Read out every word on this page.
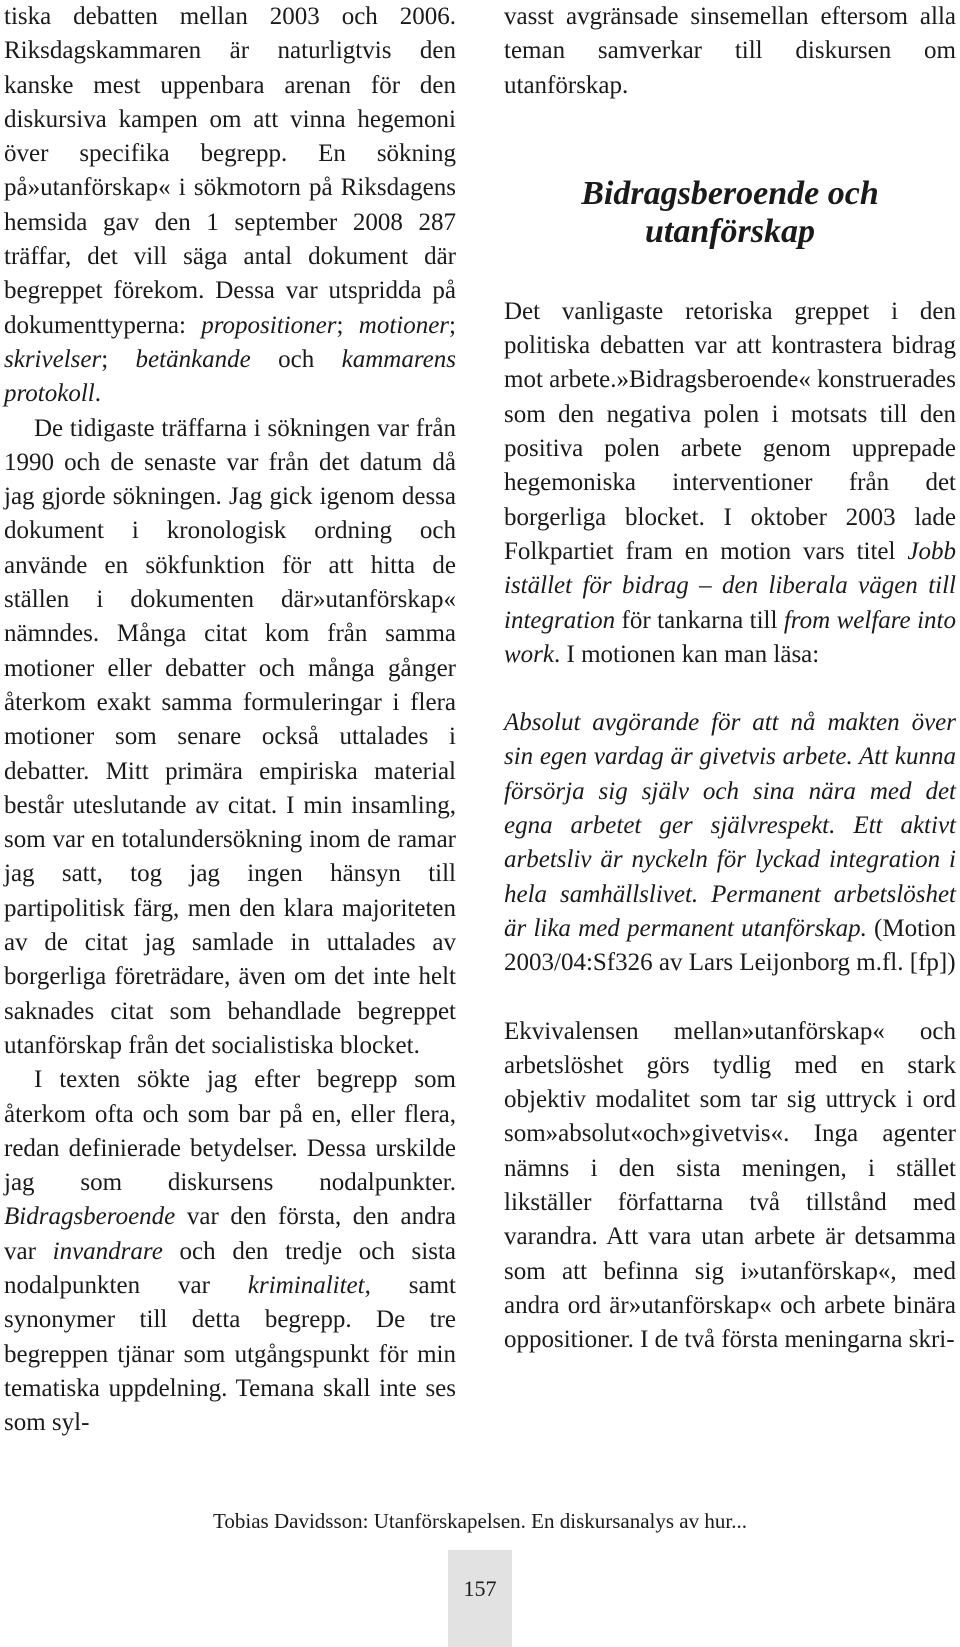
tiska debatten mellan 2003 och 2006. Riksdagskammaren är naturligtvis den kanske mest uppenbara arenan för den diskursiva kampen om att vinna hegemoni över specifika begrepp. En sökning på»utanförskap« i sökmotorn på Riksdagens hemsida gav den 1 september 2008 287 träffar, det vill säga antal dokument där begreppet förekom. Dessa var utspridda på dokumenttyperna: propositioner; motioner; skrivelser; betänkande och kammarens protokoll.

De tidigaste träffarna i sökningen var från 1990 och de senaste var från det datum då jag gjorde sökningen. Jag gick igenom dessa dokument i kronologisk ordning och använde en sökfunktion för att hitta de ställen i dokumenten där»utanförskap« nämndes. Många citat kom från samma motioner eller debatter och många gånger återkom exakt samma formuleringar i flera motioner som senare också uttalades i debatter. Mitt primära empiriska material består uteslutande av citat. I min insamling, som var en totalundersökning inom de ramar jag satt, tog jag ingen hänsyn till partipolitisk färg, men den klara majoriteten av de citat jag samlade in uttalades av borgerliga företrädare, även om det inte helt saknades citat som behandlade begreppet utanförskap från det socialistiska blocket.

I texten sökte jag efter begrepp som återkom ofta och som bar på en, eller flera, redan definierade betydelser. Dessa urskilde jag som diskursens nodalpunkter. Bidragsberoende var den första, den andra var invandrare och den tredje och sista nodalpunkten var kriminalitet, samt synonymer till detta begrepp. De tre begreppen tjänar som utgångspunkt för min tematiska uppdelning. Temana skall inte ses som syl-

vasst avgränsade sinsemellan eftersom alla teman samverkar till diskursen om utanförskap.

Bidragsberoende och utanförskap

Det vanligaste retoriska greppet i den politiska debatten var att kontrastera bidrag mot arbete.»Bidragsberoende« konstruerades som den negativa polen i motsats till den positiva polen arbete genom upprepade hegemoniska interventioner från det borgerliga blocket. I oktober 2003 lade Folkpartiet fram en motion vars titel Jobb istället för bidrag – den liberala vägen till integration för tankarna till from welfare into work. I motionen kan man läsa:

Absolut avgörande för att nå makten över sin egen vardag är givetvis arbete. Att kunna försörja sig själv och sina nära med det egna arbetet ger självrespekt. Ett aktivt arbetsliv är nyckeln för lyckad integration i hela samhällslivet. Permanent arbetslöshet är lika med permanent utanförskap. (Motion 2003/04:Sf326 av Lars Leijonborg m.fl. [fp])

Ekvivalensen mellan»utanförskap« och arbetslöshet görs tydlig med en stark objektiv modalitet som tar sig uttryck i ord som»absolut«och»givetvis«. Inga agenter nämns i den sista meningen, i stället likställer författarna två tillstånd med varandra. Att vara utan arbete är detsamma som att befinna sig i»utanförskap«, med andra ord är»utanförskap« och arbete binära oppositioner. I de två första meningarna skri-

Tobias Davidsson: Utanförskapelsen. En diskursanalys av hur...
157
